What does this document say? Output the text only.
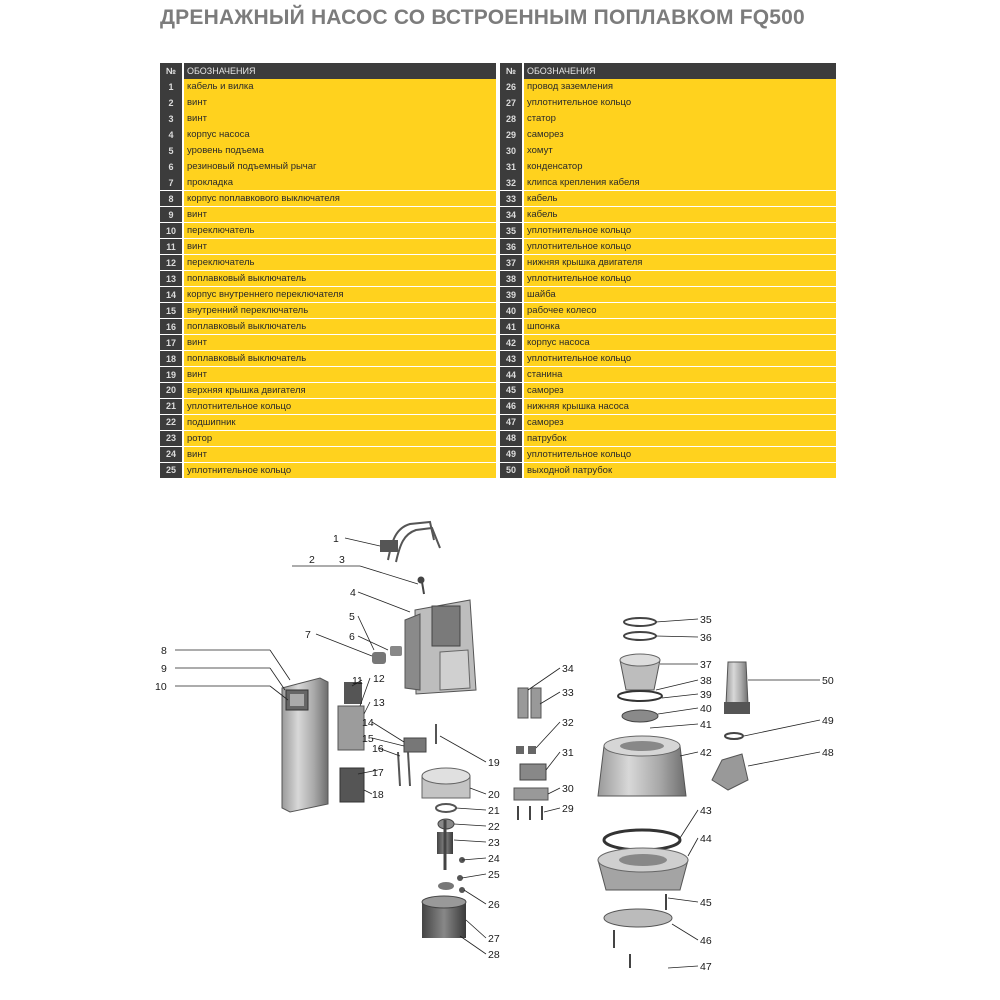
ДРЕНАЖНЫЙ НАСОС СО ВСТРОЕННЫМ ПОПЛАВКОМ FQ500
№	ОБОЗНАЧЕНИЯ
1	кабель и вилка
2	винт
3	винт
4	корпус насоса
5	уровень подъема
6	резиновый подъемный рычаг
7	прокладка
8	корпус поплавкового выключателя
9	винт
10	переключатель
11	винт
12	переключатель
13	поплавковый выключатель
14	корпус внутреннего переключателя
15	внутренний переключатель
16	поплавковый выключатель
17	винт
18	поплавковый выключатель
19	винт
20	верхняя крышка двигателя
21	уплотнительное кольцо
22	подшипник
23	ротор
24	винт
25	уплотнительное кольцо
№	ОБОЗНАЧЕНИЯ
26	провод заземления
27	уплотнительное кольцо
28	статор
29	саморез
30	хомут
31	конденсатор
32	клипса крепления кабеля
33	кабель
34	кабель
35	уплотнительное кольцо
36	уплотнительное кольцо
37	нижняя крышка двигателя
38	уплотнительное кольцо
39	шайба
40	рабочее колесо
41	шпонка
42	корпус насоса
43	уплотнительное кольцо
44	станина
45	саморез
46	нижняя крышка насоса
47	саморез
48	патрубок
49	уплотнительное кольцо
50	выходной патрубок
1
2 3
4
5
6
7
8
9
10	11 12
13
14
15
16
17
18
19
20
21
22
23
24
25
26
27
28
29
30
31
32
33
34
35
36
37
38
39
40
41
42
43
44
45
46
47
48
49
50
